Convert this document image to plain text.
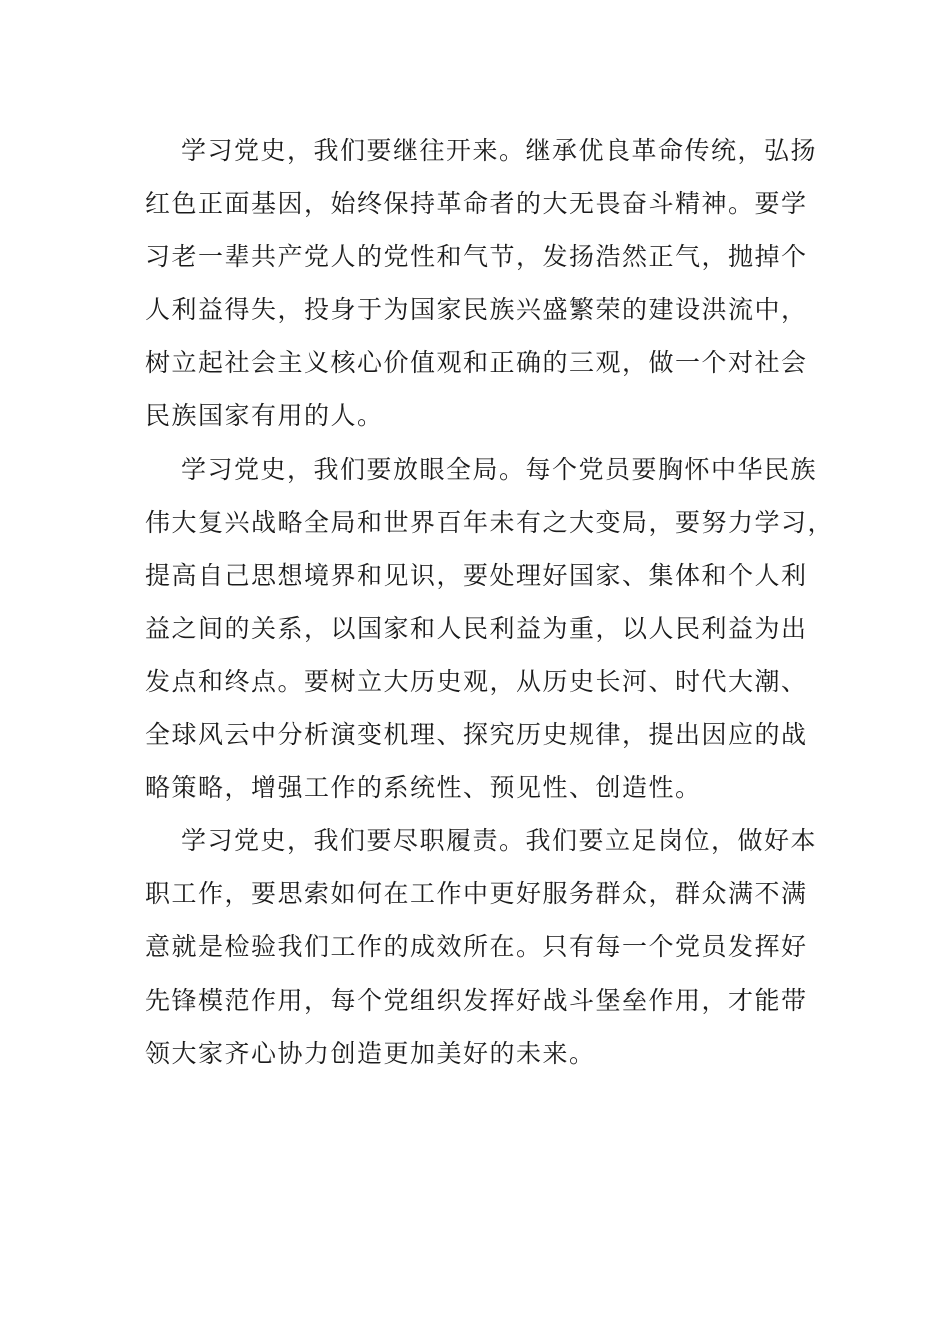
学习党史，我们要继往开来。继承优良革命传统，弘扬
红色正面基因，始终保持革命者的大无畏奋斗精神。要学
习老一辈共产党人的党性和气节，发扬浩然正气，抛掉个
人利益得失，投身于为国家民族兴盛繁荣的建设洪流中，
树立起社会主义核心价值观和正确的三观，做一个对社会
民族国家有用的人。
学习党史，我们要放眼全局。每个党员要胸怀中华民族
伟大复兴战略全局和世界百年未有之大变局，要努力学习，
提高自己思想境界和见识，要处理好国家、集体和个人利
益之间的关系，以国家和人民利益为重，以人民利益为出
发点和终点。要树立大历史观，从历史长河、时代大潮、
全球风云中分析演变机理、探究历史规律，提出因应的战
略策略，增强工作的系统性、预见性、创造性。
学习党史，我们要尽职履责。我们要立足岗位，做好本
职工作，要思索如何在工作中更好服务群众，群众满不满
意就是检验我们工作的成效所在。只有每一个党员发挥好
先锋模范作用，每个党组织发挥好战斗堡垒作用，才能带
领大家齐心协力创造更加美好的未来。
